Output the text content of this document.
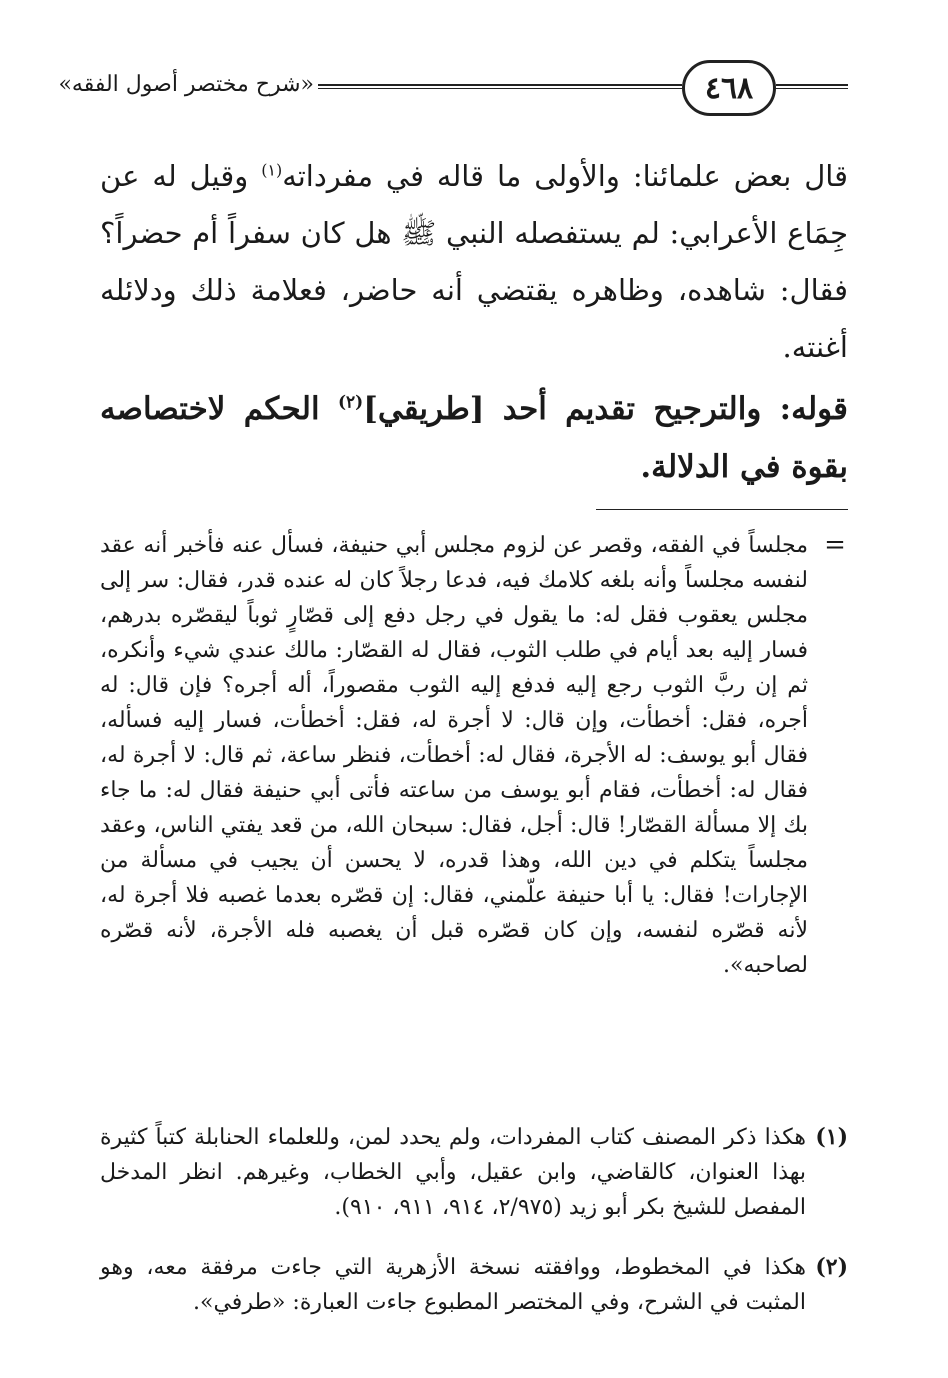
٤٦٨
«شرح مختصر أصول الفقه»

قال بعض علمائنا: والأولى ما قاله في مفرداته$^{(١)}$ وقيل له عن جِمَاع الأعرابي: لم يستفصله النبي ﷺ هل كان سفراً أم حضراً؟ فقال: شاهده، وظاهره يقتضي أنه حاضر، فعلامة ذلك ودلائله أغنته.

قوله: والترجيح تقديم أحد [طريقي]$^{(٢)}$ الحكم لاختصاصه بقوة في الدلالة.

=

مجلساً في الفقه، وقصر عن لزوم مجلس أبي حنيفة، فسأل عنه فأخبر أنه عقد لنفسه مجلساً وأنه بلغه كلامك فيه، فدعا رجلاً كان له عنده قدر، فقال: سر إلى مجلس يعقوب فقل له: ما يقول في رجل دفع إلى قصّارٍ ثوباً ليقصّره بدرهم، فسار إليه بعد أيام في طلب الثوب، فقال له القصّار: مالك عندي شيء وأنكره، ثم إن ربَّ الثوب رجع إليه فدفع إليه الثوب مقصوراً، أله أجره؟ فإن قال: له أجره، فقل: أخطأت، وإن قال: لا أجرة له، فقل: أخطأت، فسار إليه فسأله، فقال أبو يوسف: له الأجرة، فقال له: أخطأت، فنظر ساعة، ثم قال: لا أجرة له، فقال له: أخطأت، فقام أبو يوسف من ساعته فأتى أبي حنيفة فقال له: ما جاء بك إلا مسألة القصّار! قال: أجل، فقال: سبحان الله، من قعد يفتي الناس، وعقد مجلساً يتكلم في دين الله، وهذا قدره، لا يحسن أن يجيب في مسألة من الإجارات! فقال: يا أبا حنيفة علّمني، فقال: إن قصّره بعدما غصبه فلا أجرة له، لأنه قصّره لنفسه، وإن كان قصّره قبل أن يغصبه فله الأجرة، لأنه قصّره لصاحبه».

(١)
هكذا ذكر المصنف كتاب المفردات، ولم يحدد لمن، وللعلماء الحنابلة كتباً كثيرة بهذا العنوان، كالقاضي، وابن عقيل، وأبي الخطاب، وغيرهم. انظر المدخل المفصل للشيخ بكر أبو زيد (٢/٩٧٥، ٩١٤، ٩١١، ٩١٠).
(٢)
هكذا في المخطوط، ووافقته نسخة الأزهرية التي جاءت مرفقة معه، وهو المثبت في الشرح، وفي المختصر المطبوع جاءت العبارة: «طرفي».
